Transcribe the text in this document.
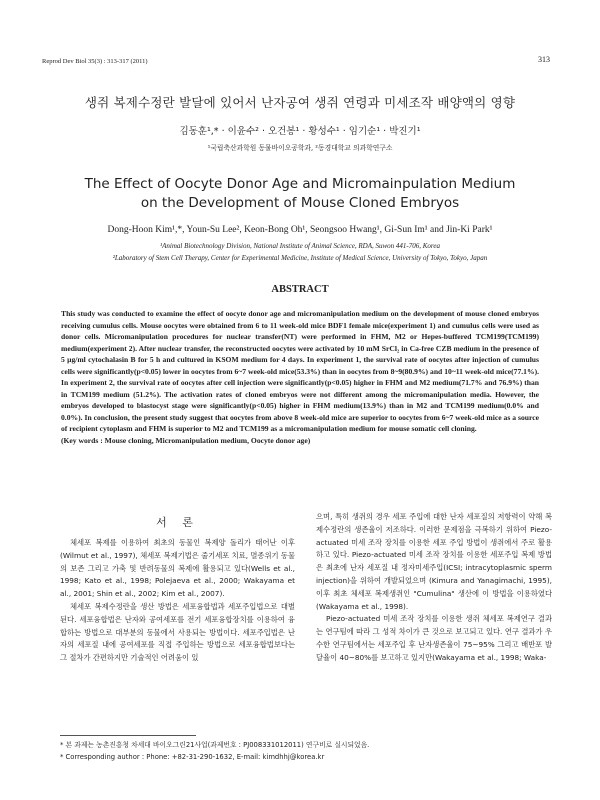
Reprod Dev Biol 35(3) : 313-317 (2011)	313
생쥐 복제수정란 발달에 있어서 난자공여 생쥐 연령과 미세조작 배양액의 영향
김동훈¹,* · 이윤수² · 오건봉¹ · 황성수¹ · 임기순¹ · 박진기¹
¹국립축산과학원 동물바이오공학과, ²동경대학교 의과학연구소
The Effect of Oocyte Donor Age and Micromainpulation Medium
on the Development of Mouse Cloned Embryos
Dong-Hoon Kim¹,*, Youn-Su Lee², Keon-Bong Oh¹, Seongsoo Hwang¹, Gi-Sun Im¹ and Jin-Ki Park¹
¹Animal Biotechnology Division, National Institute of Animal Science, RDA, Suwon 441-706, Korea
²Laboratory of Stem Cell Therapy, Center for Experimental Medicine, Institute of Medical Science, University of Tokyo, Tokyo, Japan
ABSTRACT

This study was conducted to examine the effect of oocyte donor age and micromanipulation medium on the development of mouse cloned embryos receiving cumulus cells. Mouse oocytes were obtained from 6 to 11 week-old mice BDF1 female mice(experiment 1) and cumulus cells were used as donor cells. Micromanipulation procedures for nuclear transfer(NT) were performed in FHM, M2 or Hepes-buffered TCM199(TCM199) medium(experiment 2). After nuclear transfer, the reconstructed oocytes were activated by 10 mM SrCl₂ in Ca-free CZB medium in the presence of 5 μg/ml cytochalasin B for 5 h and cultured in KSOM medium for 4 days. In experiment 1, the survival rate of oocytes after injection of cumulus cells were significantly(p<0.05) lower in oocytes from 6~7 week-old mice(53.3%) than in oocytes from 8~9(80.9%) and 10~11 week-old mice(77.1%). In experiment 2, the survival rate of oocytes after cell injection were significantly(p<0.05) higher in FHM and M2 medium(71.7% and 76.9%) than in TCM199 medium (51.2%). The activation rates of cloned embryos were not different among the micromanipulation media. However, the embryos developed to blastocyst stage were significantly(p<0.05) higher in FHM medium(13.9%) than in M2 and TCM199 medium(0.0% and 0.0%). In conclusion, the present study suggest that oocytes from above 8 week-old mice are superior to oocytes from 6~7 week-old mice as a source of recipient cytoplasm and FHM is superior to M2 and TCM199 as a micromanipulation medium for mouse somatic cell cloning.

(Key words : Mouse cloning, Micromanipulation medium, Oocyte donor age)

서 론

체세포 복제를 이용하여 최초의 동물인 복제양 돌리가 태어난 이후(Wilmut et al., 1997), 체세포 복제기법은 줄기세포 치료, 멸종위기 동물의 보존 그리고 가축 및 반려동물의 복제에 활용되고 있다(Wells et al., 1998; Kato et al., 1998; Polejaeva et al., 2000; Wakayama et al., 2001; Shin et al., 2002; Kim et al., 2007).

체세포 복제수정란을 생산 방법은 세포융합법과 세포주입법으로 대별된다. 세포융합법은 난자와 공여세포를 전기 세포융합장치를 이용하여 융합하는 방법으로 대부분의 동물에서 사용되는 방법이다. 세포주입법은 난자의 세포질 내에 공여세포를 직접 주입하는 방법으로 세포융합법보다는 그 절차가 간편하지만 기술적인 어려움이 있

으며, 특히 생쥐의 경우 세포 주입에 대한 난자 세포질의 저항력이 약해 복제수정란의 생존율이 저조하다. 이러한 문제점을 극복하기 위하여 Piezo-actuated 미세 조작 장치를 이용한 세포 주입 방법이 생쥐에서 주로 활용하고 있다. Piezo-actuated 미세 조작 장치를 이용한 세포주입 복제 방법은 최초에 난자 세포질 내 정자미세주입(ICSI; intracytoplasmic sperm injection)을 위하여 개발되었으며 (Kimura and Yanagimachi, 1995), 이후 최초 체세포 복제생쥐인 "Cumulina" 생산에 이 방법을 이용하였다(Wakayama et al., 1998).

Piezo-actuated 미세 조작 장치를 이용한 생쥐 체세포 복제연구 결과는 연구팀에 따라 그 성적 차이가 큰 것으로 보고되고 있다. 연구 결과가 우수한 연구팀에서는 세포주입 후 난자생존율이 75~95% 그리고 배반포 발달율이 40~80%를 보고하고 있지만(Wakayama et al., 1998; Waka-

* 본 과제는 농촌진흥청 차세대 바이오그린21사업(과제번호 : PJ008331012011) 연구비로 실시되었음.

* Corresponding author : Phone: +82-31-290-1632, E-mail: kimdhhj@korea.kr
